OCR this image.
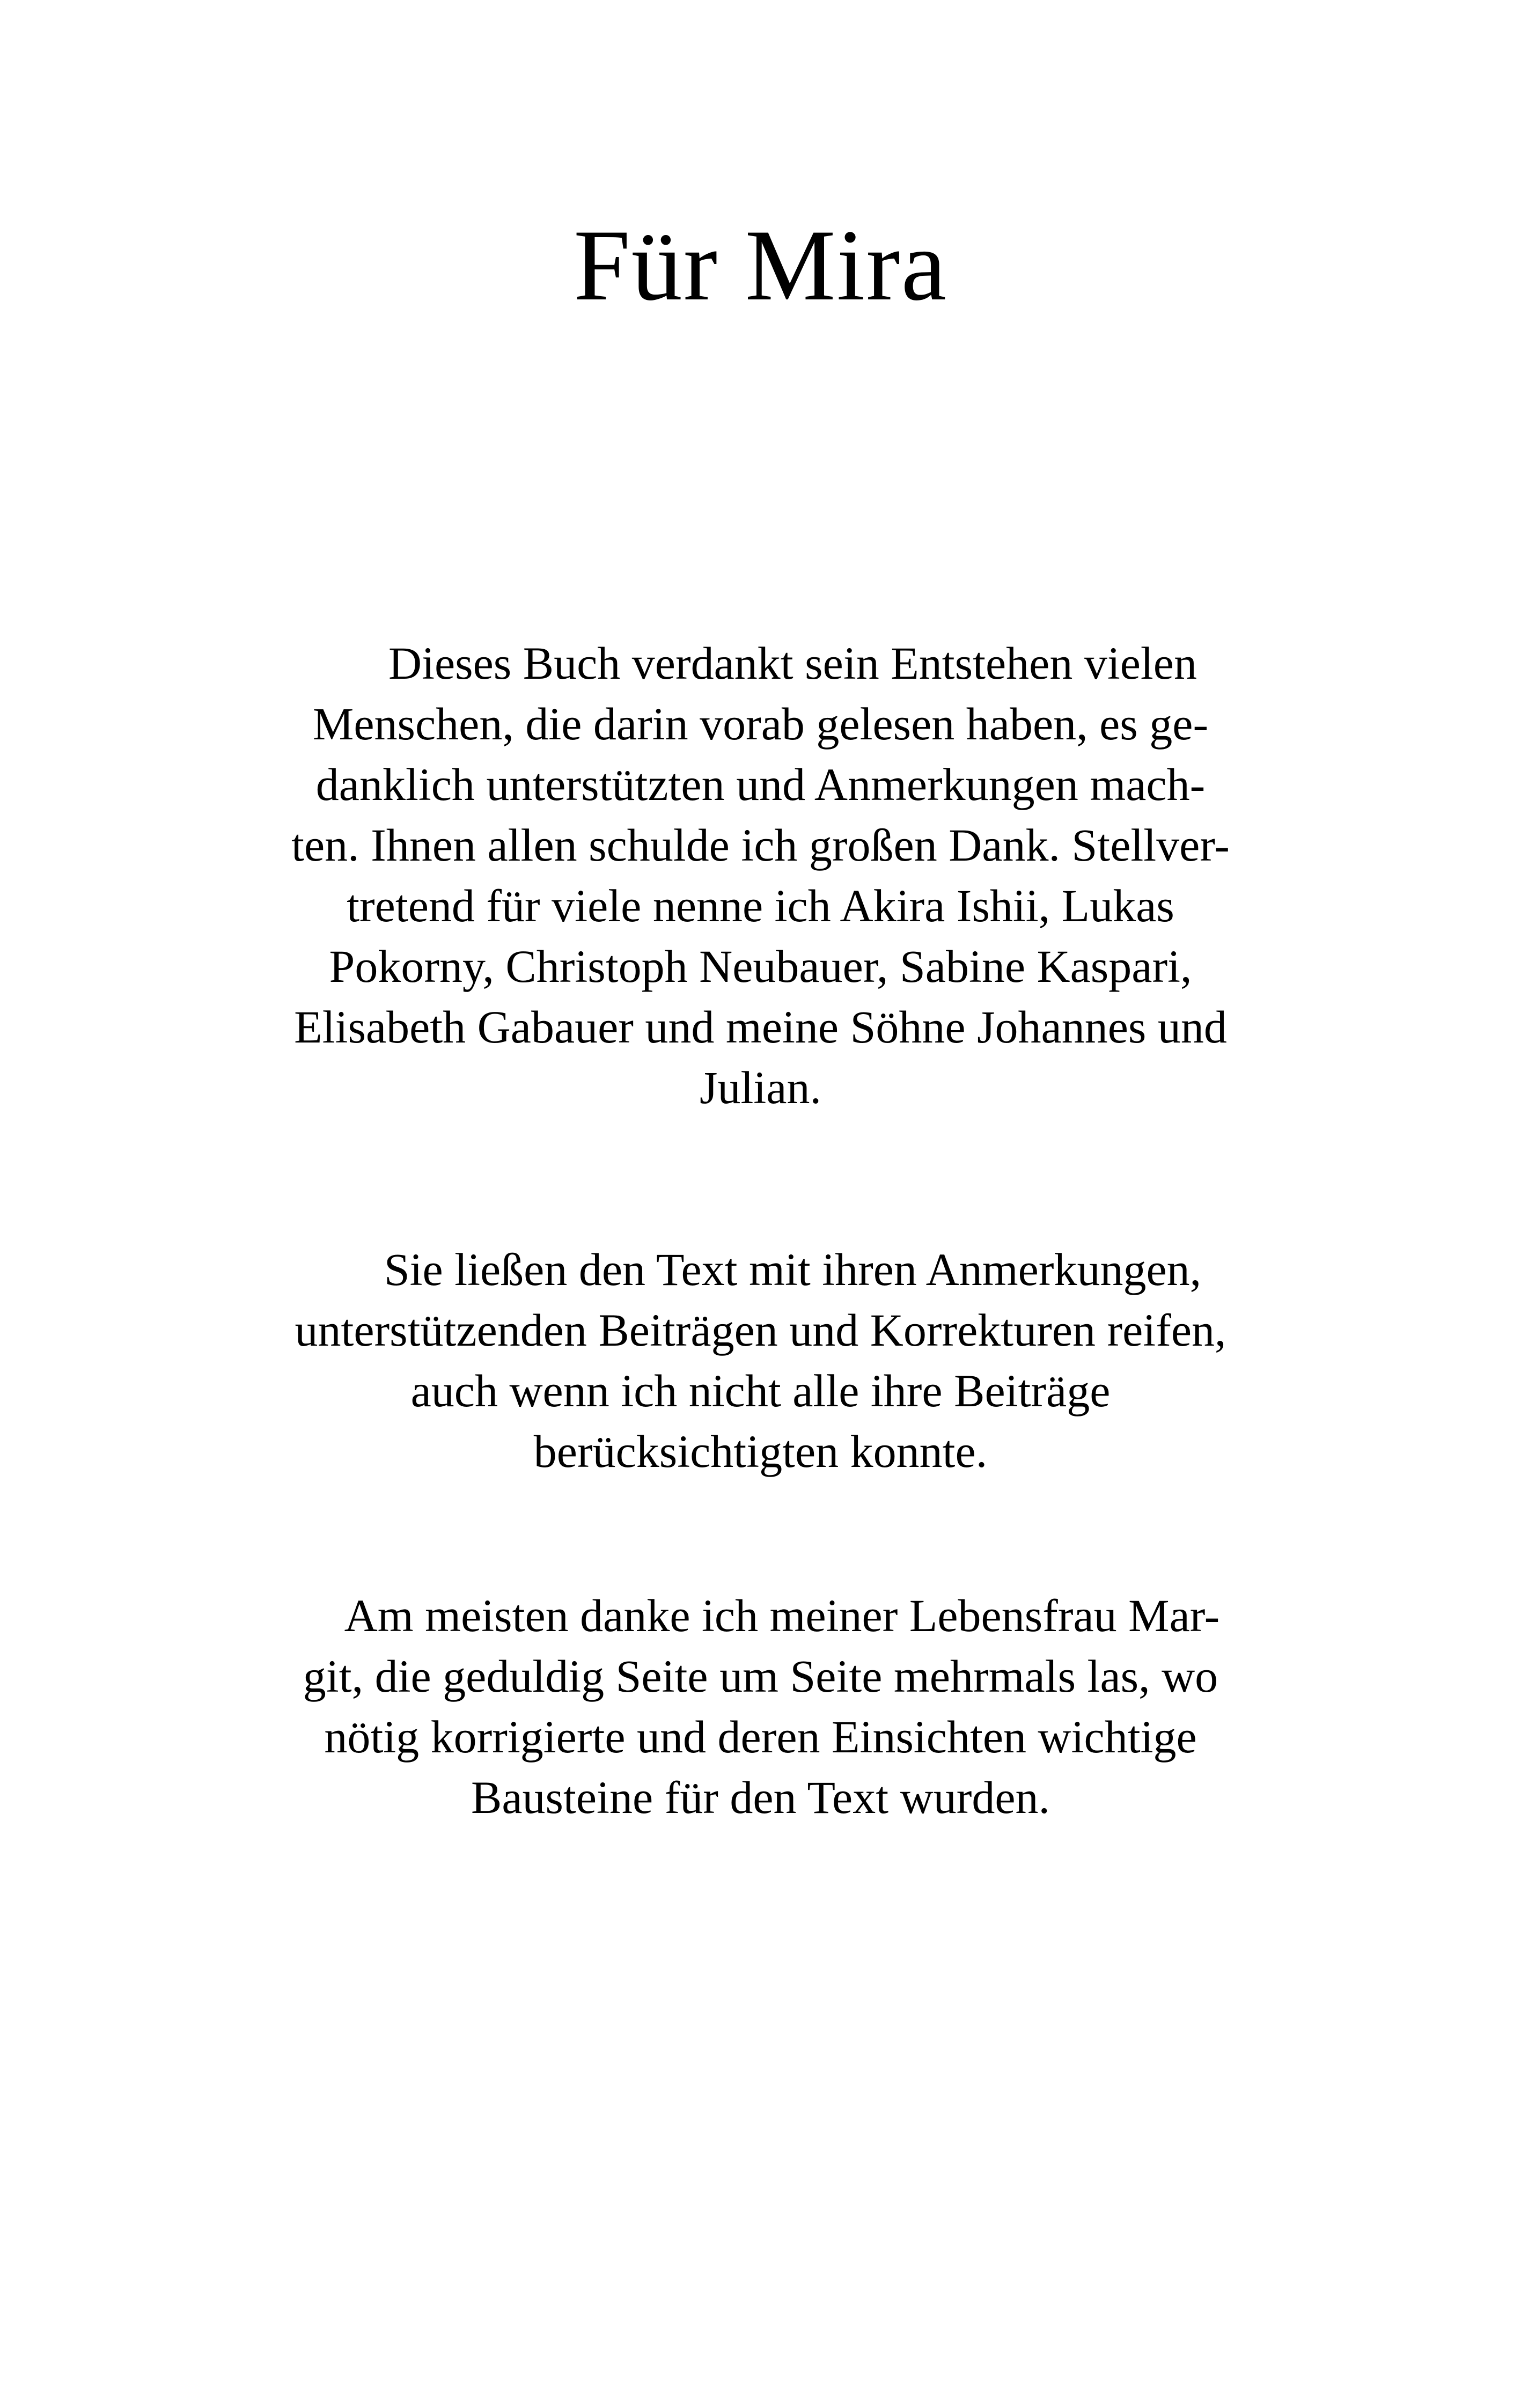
Für Mira
Dieses Buch verdankt sein Entstehen vielen
Menschen, die darin vorab gelesen haben, es ge-
danklich unterstützten und Anmerkungen mach-
ten. Ihnen allen schulde ich großen Dank. Stellver-
tretend für viele nenne ich Akira Ishii, Lukas
Pokorny, Christoph Neubauer, Sabine Kaspari,
Elisabeth Gabauer und meine Söhne Johannes und
Julian.
Sie ließen den Text mit ihren Anmerkungen,
unterstützenden Beiträgen und Korrekturen reifen,
auch wenn ich nicht alle ihre Beiträge
berücksichtigten konnte.
Am meisten danke ich meiner Lebensfrau Mar-
git, die geduldig Seite um Seite mehrmals las, wo
nötig korrigierte und deren Einsichten wichtige
Bausteine für den Text wurden.
